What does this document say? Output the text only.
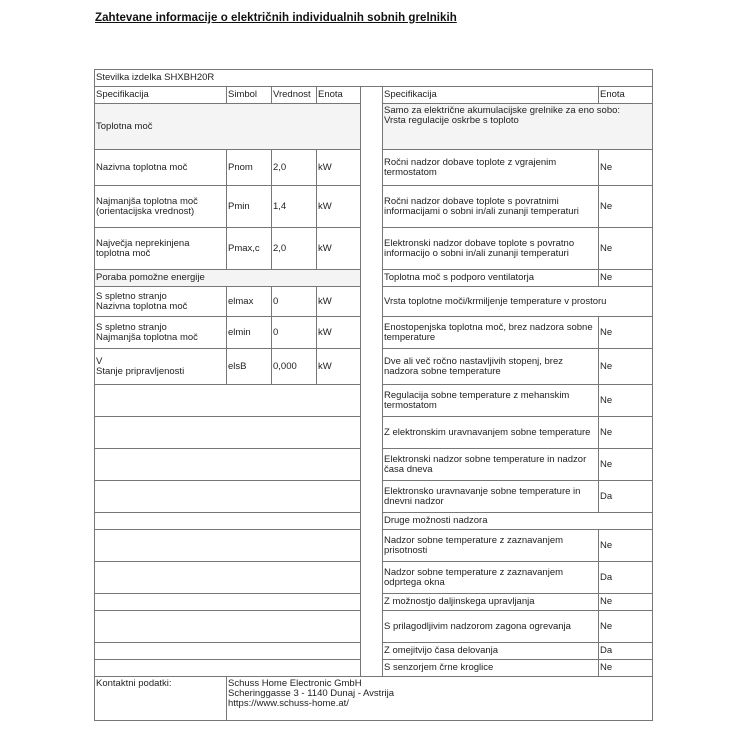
Zahtevane informacije o električnih individualnih sobnih grelnikih
Stevilka izdelka SHXBH20R						
Specifikacija	Simbol	Vrednost	Enota		Specifikacija	Enota
Toplotna moč					Samo za električne akumulacijske grelnike za eno sobo:
Vrsta regulacije oskrbe s toploto	
Nazivna toplotna moč	Pnom	2,0	kW		Ročni nadzor dobave toplote z vgrajenim termostatom	Ne
Najmanjša toplotna moč (orientacijska vrednost)	Pmin	1,4	kW		Ročni nadzor dobave toplote s povratnimi informacijami o sobni in/ali zunanji temperaturi	Ne
Največja neprekinjena toplotna moč	Pmax,c	2,0	kW		Elektronski nadzor dobave toplote s povratno informacijo o sobni in/ali zunanji temperaturi	Ne
Poraba pomožne energije					Toplotna moč s podporo ventilatorja	Ne
S spletno stranjo
Nazivna toplotna moč	elmax	0	kW		Vrsta toplotne moči/krmiljenje temperature v prostoru	
S spletno stranjo
Najmanjša toplotna moč	elmin	0	kW		Enostopenjska toplotna moč, brez nadzora sobne temperature	Ne
V
Stanje pripravljenosti	elsB	0,000	kW		Dve ali več ročno nastavljivih stopenj, brez nadzora sobne temperature	Ne
					Regulacija sobne temperature z mehanskim termostatom	Ne
					Z elektronskim uravnavanjem sobne temperature	Ne
					Elektronski nadzor sobne temperature in nadzor časa dneva	Ne
					Elektronsko uravnavanje sobne temperature in dnevni nadzor	Da
					Druge možnosti nadzora	
					Nadzor sobne temperature z zaznavanjem prisotnosti	Ne
					Nadzor sobne temperature z zaznavanjem odprtega okna	Da
					Z možnostjo daljinskega upravljanja	Ne
					S prilagodljivim nadzorom zagona ogrevanja	Ne
					Z omejitvijo časa delovanja	Da
					S senzorjem črne kroglice	Ne
Kontaktni podatki:	Schuss Home Electronic GmbH
Scheringgasse 3 - 1140 Dunaj - Avstrija
https://www.schuss-home.at/					
